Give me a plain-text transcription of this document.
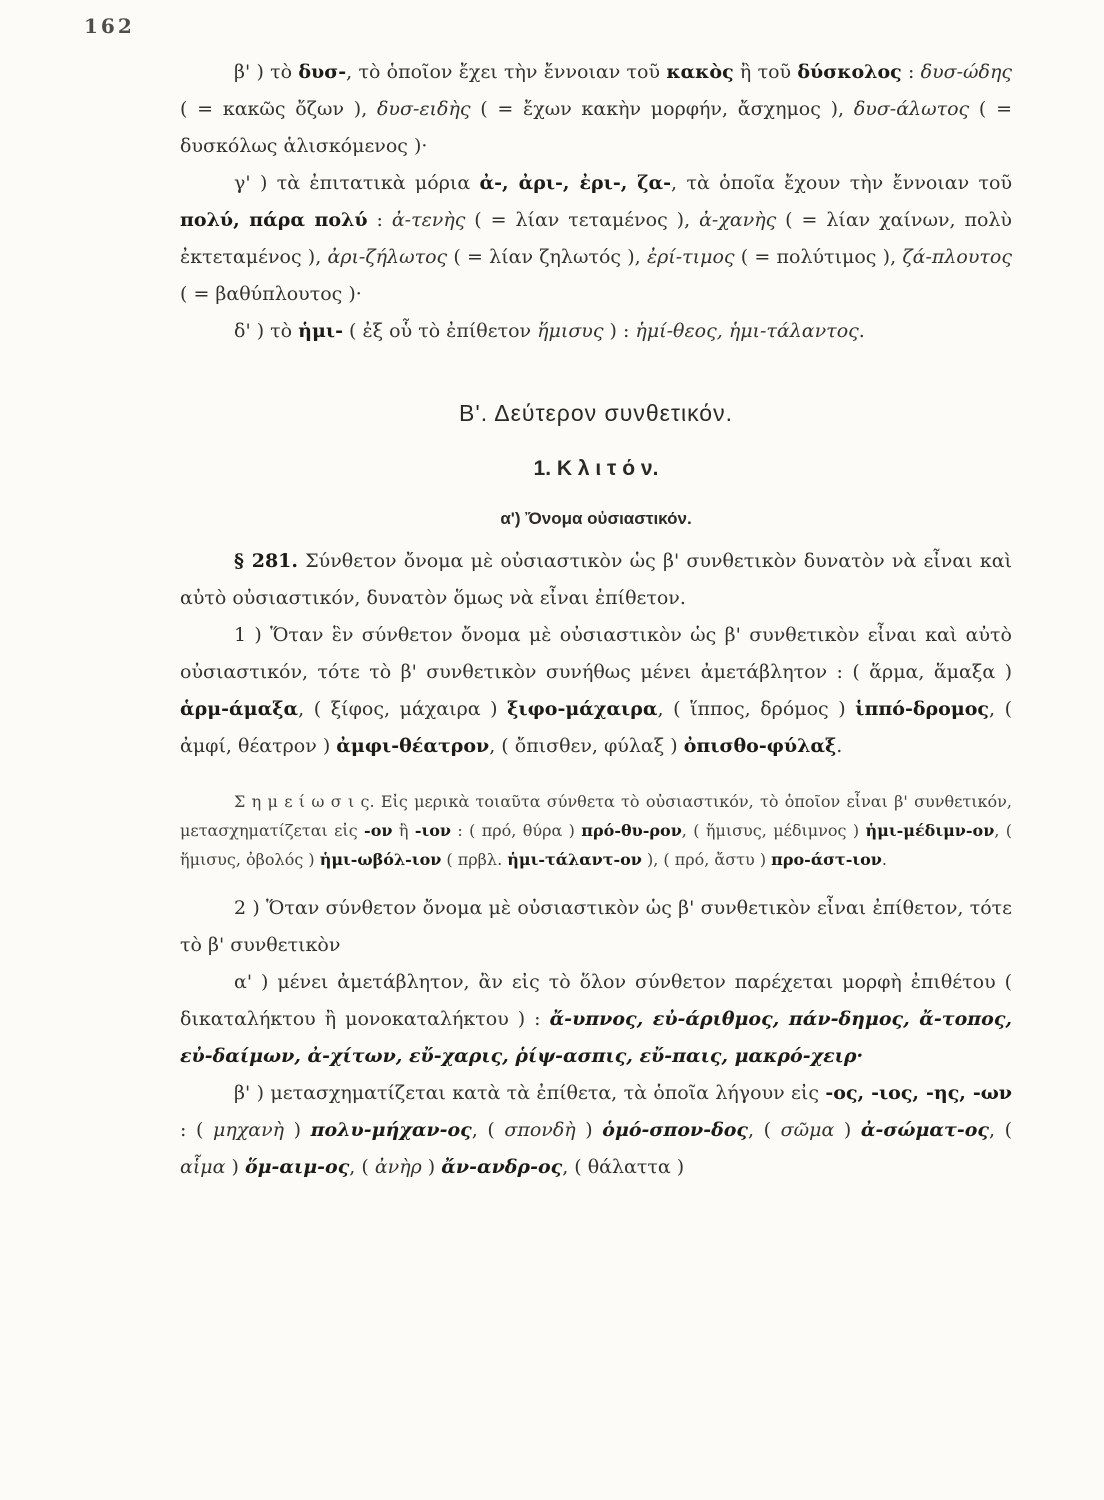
162

β' ) τὸ δυσ-, τὸ ὁποῖον ἔχει τὴν ἔννοιαν τοῦ κακὸς ἢ τοῦ δύσκολος : δυσ-ώδης ( = κακῶς ὄζων ), δυσ-ειδὴς ( = ἔχων κακὴν μορφήν, ἄσχημος ), δυσ-άλωτος ( = δυσκόλως ἁλισκόμενος )·

γ' ) τὰ ἐπιτατικὰ μόρια ἀ-, ἀρι-, ἐρι-, ζα-, τὰ ὁποῖα ἔχουν τὴν ἔννοιαν τοῦ πολύ, πάρα πολύ : ἀ-τενὴς ( = λίαν τεταμένος ), ἀ-χανὴς ( = λίαν χαίνων, πολὺ ἐκτεταμένος ), ἀρι-ζήλωτος ( = λίαν ζηλωτός ), ἐρί-τιμος ( = πολύτιμος ), ζά-πλουτος ( = βαθύπλουτος )·

δ' ) τὸ ἡμι- ( ἐξ οὗ τὸ ἐπίθετον ἥμισυς ) : ἡμί-θεος, ἡμι-τάλαντος.

Β'. Δεύτερον συνθετικόν.

1. Κ λ ι τ ό ν.

α') Ὄνομα οὐσιαστικόν.

§ 281. Σύνθετον ὄνομα μὲ οὐσιαστικὸν ὡς β' συνθετικὸν δυνατὸν νὰ εἶναι καὶ αὐτὸ οὐσιαστικόν, δυνατὸν ὅμως νὰ εἶναι ἐπίθετον.

1 ) Ὅταν ἓν σύνθετον ὄνομα μὲ οὐσιαστικὸν ὡς β' συνθετικὸν εἶναι καὶ αὐτὸ οὐσιαστικόν, τότε τὸ β' συνθετικὸν συνήθως μένει ἀμετάβλητον : ( ἅρμα, ἅμαξα ) ἁρμ-άμαξα, ( ξίφος, μάχαιρα ) ξιφο-μάχαιρα, ( ἵππος, δρόμος ) ἱππό-δρομος, ( ἀμφί, θέατρον ) ἀμφι-θέατρον, ( ὄπισθεν, φύλαξ ) ὀπισθο-φύλαξ.

Σ η μ ε ί ω σ ι ς. Εἰς μερικὰ τοιαῦτα σύνθετα τὸ οὐσιαστικόν, τὸ ὁποῖον εἶναι β' συνθετικόν, μετασχηματίζεται εἰς -ον ἢ -ιον : ( πρό, θύρα ) πρό-θυ-ρον, ( ἥμισυς, μέδιμνος ) ἡμι-μέδιμν-ον, ( ἥμισυς, ὀβολός ) ἡμι-ωβόλ-ιον ( πρβλ. ἡμι-τάλαντ-ον ), ( πρό, ἄστυ ) προ-άστ-ιον.

2 ) Ὅταν σύνθετον ὄνομα μὲ οὐσιαστικὸν ὡς β' συνθετικὸν εἶναι ἐπίθετον, τότε τὸ β' συνθετικὸν

α' ) μένει ἀμετάβλητον, ἂν εἰς τὸ ὅλον σύνθετον παρέχεται μορφὴ ἐπιθέτου ( δικαταλήκτου ἢ μονοκαταλήκτου ) : ἄ-υπνος, εὐ-άριθμος, πάν-δημος, ἄ-τοπος, εὐ-δαίμων, ἀ-χίτων, εὔ-χαρις, ῥίψ-ασπις, εὔ-παις, μακρό-χειρ·

β' ) μετασχηματίζεται κατὰ τὰ ἐπίθετα, τὰ ὁποῖα λήγουν εἰς -ος, -ιος, -ης, -ων : ( μηχανὴ ) πολυ-μήχαν-ος, ( σπονδὴ ) ὁμό-σπον-δος, ( σῶμα ) ἀ-σώματ-ος, ( αἷμα ) ὅμ-αιμ-ος, ( ἀνὴρ ) ἄν-ανδρ-ος, ( θάλαττα )
